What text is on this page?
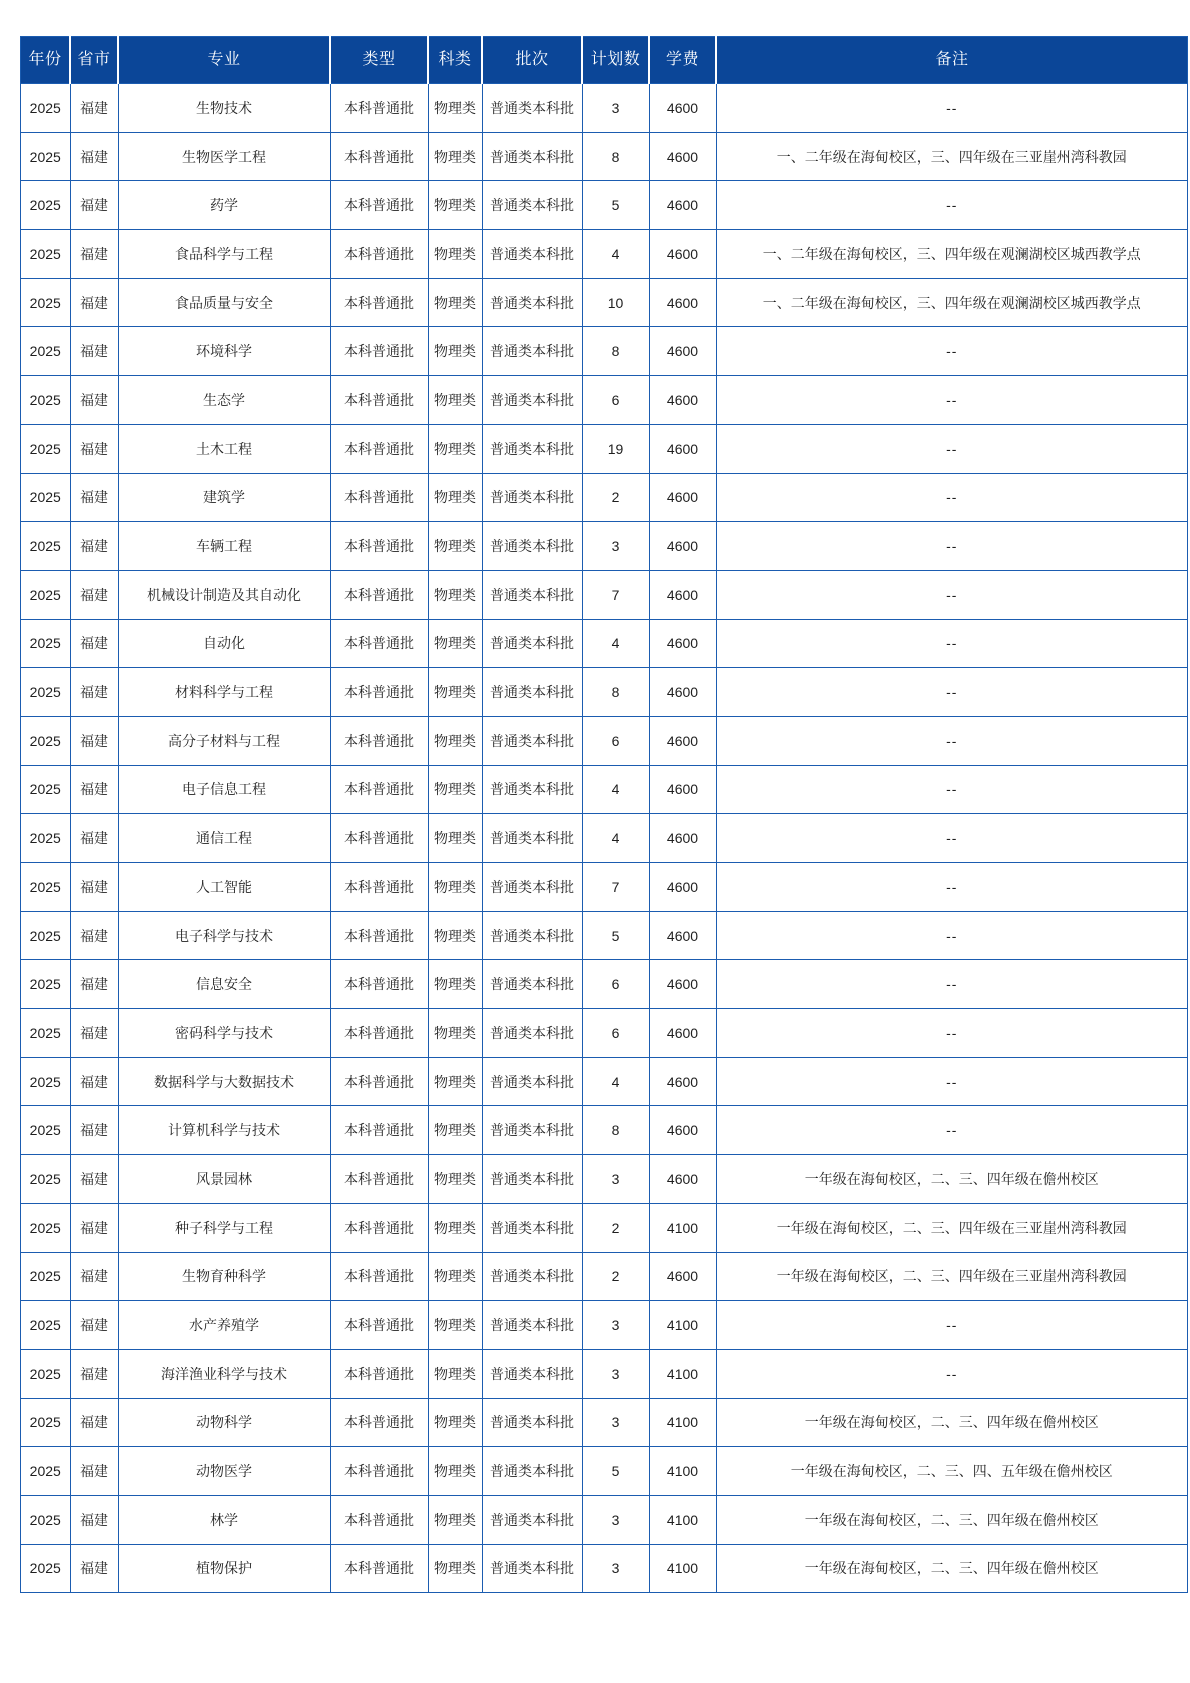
年份	省市	专业	类型	科类	批次	计划数	学费	备注
2025	福建	生物技术	本科普通批	物理类	普通类本科批	3	4600	--
2025	福建	生物医学工程	本科普通批	物理类	普通类本科批	8	4600	一、二年级在海甸校区，三、四年级在三亚崖州湾科教园
2025	福建	药学	本科普通批	物理类	普通类本科批	5	4600	--
2025	福建	食品科学与工程	本科普通批	物理类	普通类本科批	4	4600	一、二年级在海甸校区，三、四年级在观澜湖校区城西教学点
2025	福建	食品质量与安全	本科普通批	物理类	普通类本科批	10	4600	一、二年级在海甸校区，三、四年级在观澜湖校区城西教学点
2025	福建	环境科学	本科普通批	物理类	普通类本科批	8	4600	--
2025	福建	生态学	本科普通批	物理类	普通类本科批	6	4600	--
2025	福建	土木工程	本科普通批	物理类	普通类本科批	19	4600	--
2025	福建	建筑学	本科普通批	物理类	普通类本科批	2	4600	--
2025	福建	车辆工程	本科普通批	物理类	普通类本科批	3	4600	--
2025	福建	机械设计制造及其自动化	本科普通批	物理类	普通类本科批	7	4600	--
2025	福建	自动化	本科普通批	物理类	普通类本科批	4	4600	--
2025	福建	材料科学与工程	本科普通批	物理类	普通类本科批	8	4600	--
2025	福建	高分子材料与工程	本科普通批	物理类	普通类本科批	6	4600	--
2025	福建	电子信息工程	本科普通批	物理类	普通类本科批	4	4600	--
2025	福建	通信工程	本科普通批	物理类	普通类本科批	4	4600	--
2025	福建	人工智能	本科普通批	物理类	普通类本科批	7	4600	--
2025	福建	电子科学与技术	本科普通批	物理类	普通类本科批	5	4600	--
2025	福建	信息安全	本科普通批	物理类	普通类本科批	6	4600	--
2025	福建	密码科学与技术	本科普通批	物理类	普通类本科批	6	4600	--
2025	福建	数据科学与大数据技术	本科普通批	物理类	普通类本科批	4	4600	--
2025	福建	计算机科学与技术	本科普通批	物理类	普通类本科批	8	4600	--
2025	福建	风景园林	本科普通批	物理类	普通类本科批	3	4600	一年级在海甸校区，二、三、四年级在儋州校区
2025	福建	种子科学与工程	本科普通批	物理类	普通类本科批	2	4100	一年级在海甸校区，二、三、四年级在三亚崖州湾科教园
2025	福建	生物育种科学	本科普通批	物理类	普通类本科批	2	4600	一年级在海甸校区，二、三、四年级在三亚崖州湾科教园
2025	福建	水产养殖学	本科普通批	物理类	普通类本科批	3	4100	--
2025	福建	海洋渔业科学与技术	本科普通批	物理类	普通类本科批	3	4100	--
2025	福建	动物科学	本科普通批	物理类	普通类本科批	3	4100	一年级在海甸校区，二、三、四年级在儋州校区
2025	福建	动物医学	本科普通批	物理类	普通类本科批	5	4100	一年级在海甸校区，二、三、四、五年级在儋州校区
2025	福建	林学	本科普通批	物理类	普通类本科批	3	4100	一年级在海甸校区，二、三、四年级在儋州校区
2025	福建	植物保护	本科普通批	物理类	普通类本科批	3	4100	一年级在海甸校区，二、三、四年级在儋州校区
